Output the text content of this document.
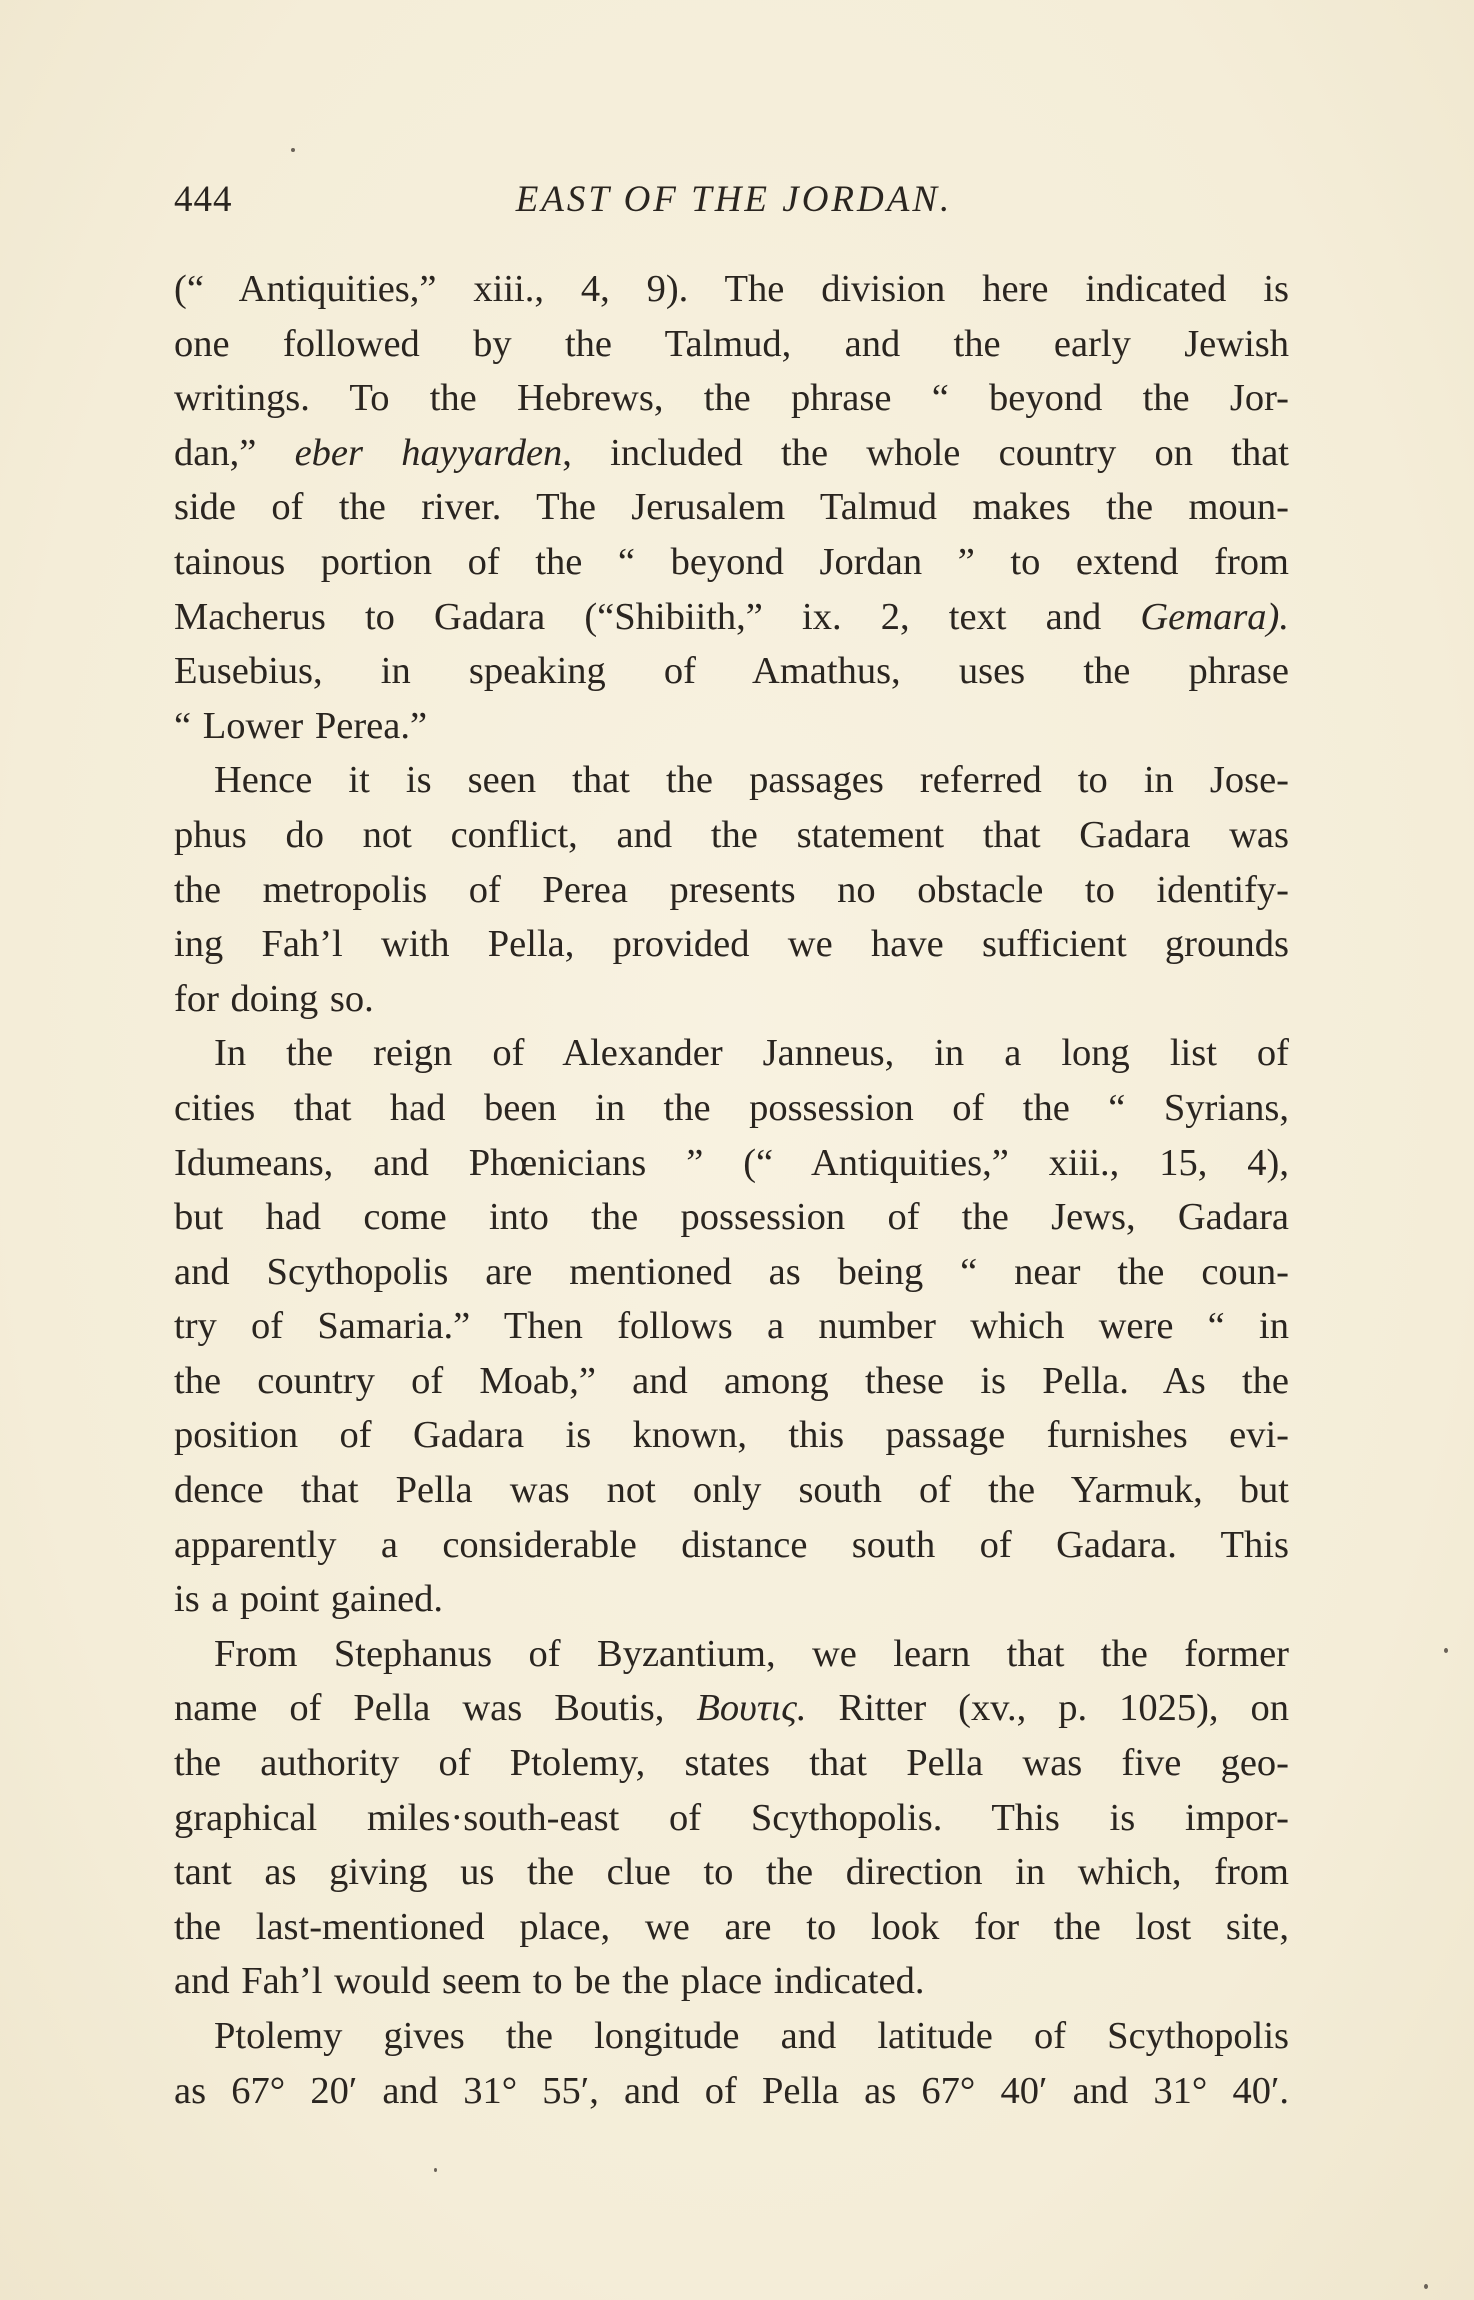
444	EAST OF THE JORDAN.
(“ Antiquities,” xiii., 4, 9). The division here indicated is
one followed by the Talmud, and the early Jewish
writings. To the Hebrews, the phrase “ beyond the Jor-
dan,” eber hayyarden, included the whole country on that
side of the river. The Jerusalem Talmud makes the moun-
tainous portion of the “ beyond Jordan ” to extend from
Macherus to Gadara (“Shibiith,” ix. 2, text and Gemara).
Eusebius, in speaking of Amathus, uses the phrase
“ Lower Perea.”
Hence it is seen that the passages referred to in Jose-
phus do not conflict, and the statement that Gadara was
the metropolis of Perea presents no obstacle to identify-
ing Fah’l with Pella, provided we have sufficient grounds
for doing so.
In the reign of Alexander Janneus, in a long list of
cities that had been in the possession of the “ Syrians,
Idumeans, and Phœnicians ” (“ Antiquities,” xiii., 15, 4),
but had come into the possession of the Jews, Gadara
and Scythopolis are mentioned as being “ near the coun-
try of Samaria.” Then follows a number which were “ in
the country of Moab,” and among these is Pella. As the
position of Gadara is known, this passage furnishes evi-
dence that Pella was not only south of the Yarmuk, but
apparently a considerable distance south of Gadara. This
is a point gained.
From Stephanus of Byzantium, we learn that the former
name of Pella was Boutis, Βουτις. Ritter (xv., p. 1025), on
the authority of Ptolemy, states that Pella was five geo-
graphical miles·south-east of Scythopolis. This is impor-
tant as giving us the clue to the direction in which, from
the last-mentioned place, we are to look for the lost site,
and Fah’l would seem to be the place indicated.
Ptolemy gives the longitude and latitude of Scythopolis
as 67° 20′ and 31° 55′, and of Pella as 67° 40′ and 31° 40′.
